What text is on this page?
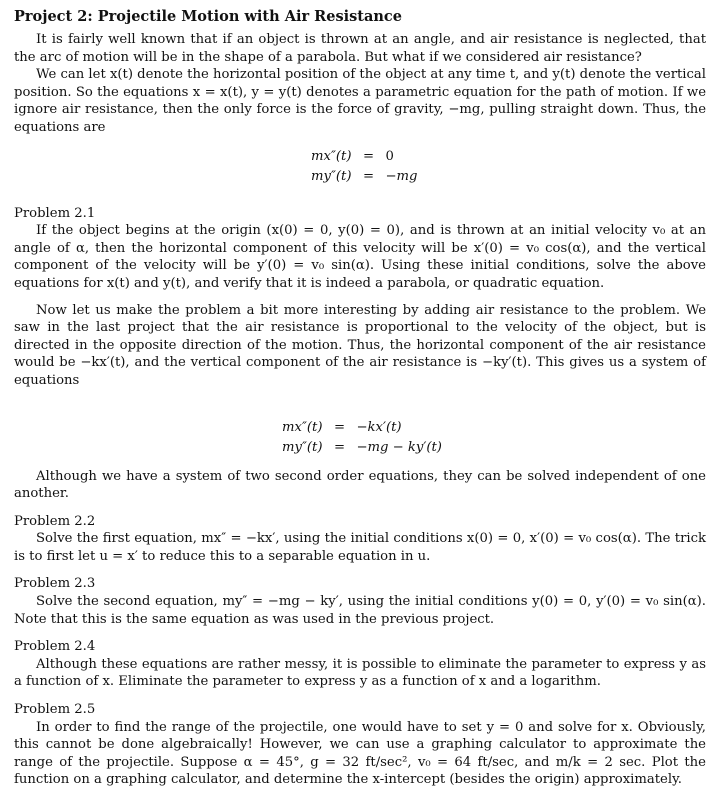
Project 2: Projectile Motion with Air Resistance

It is fairly well known that if an object is thrown at an angle, and air resistance is neglected, that the arc of motion will be in the shape of a parabola. But what if we considered air resistance?

We can let x(t) denote the horizontal position of the object at any time t, and y(t) denote the vertical position. So the equations x = x(t), y = y(t) denotes a parametric equation for the path of motion. If we ignore air resistance, then the only force is the force of gravity, −mg, pulling straight down. Thus, the equations are

mx″(t)	=	0
my″(t)	=	−mg
Problem 2.1

If the object begins at the origin (x(0) = 0, y(0) = 0), and is thrown at an initial velocity v₀ at an angle of α, then the horizontal component of this velocity will be x′(0) = v₀ cos(α), and the vertical component of the velocity will be y′(0) = v₀ sin(α). Using these initial conditions, solve the above equations for x(t) and y(t), and verify that it is indeed a parabola, or quadratic equation.

Now let us make the problem a bit more interesting by adding air resistance to the problem. We saw in the last project that the air resistance is proportional to the velocity of the object, but is directed in the opposite direction of the motion. Thus, the horizontal component of the air resistance would be −kx′(t), and the vertical component of the air resistance is −ky′(t). This gives us a system of equations

mx″(t)	=	−kx′(t)
my″(t)	=	−mg − ky′(t)

Although we have a system of two second order equations, they can be solved independent of one another.

Problem 2.2

Solve the first equation, mx″ = −kx′, using the initial conditions x(0) = 0, x′(0) = v₀ cos(α). The trick is to first let u = x′ to reduce this to a separable equation in u.

Problem 2.3

Solve the second equation, my″ = −mg − ky′, using the initial conditions y(0) = 0, y′(0) = v₀ sin(α). Note that this is the same equation as was used in the previous project.

Problem 2.4

Although these equations are rather messy, it is possible to eliminate the parameter to express y as a function of x. Eliminate the parameter to express y as a function of x and a logarithm.

Problem 2.5

In order to find the range of the projectile, one would have to set y = 0 and solve for x. Obviously, this cannot be done algebraically! However, we can use a graphing calculator to approximate the range of the projectile. Suppose α = 45°, g = 32 ft/sec², v₀ = 64 ft/sec, and m/k = 2 sec. Plot the function on a graphing calculator, and determine the x-intercept (besides the origin) approximately.
